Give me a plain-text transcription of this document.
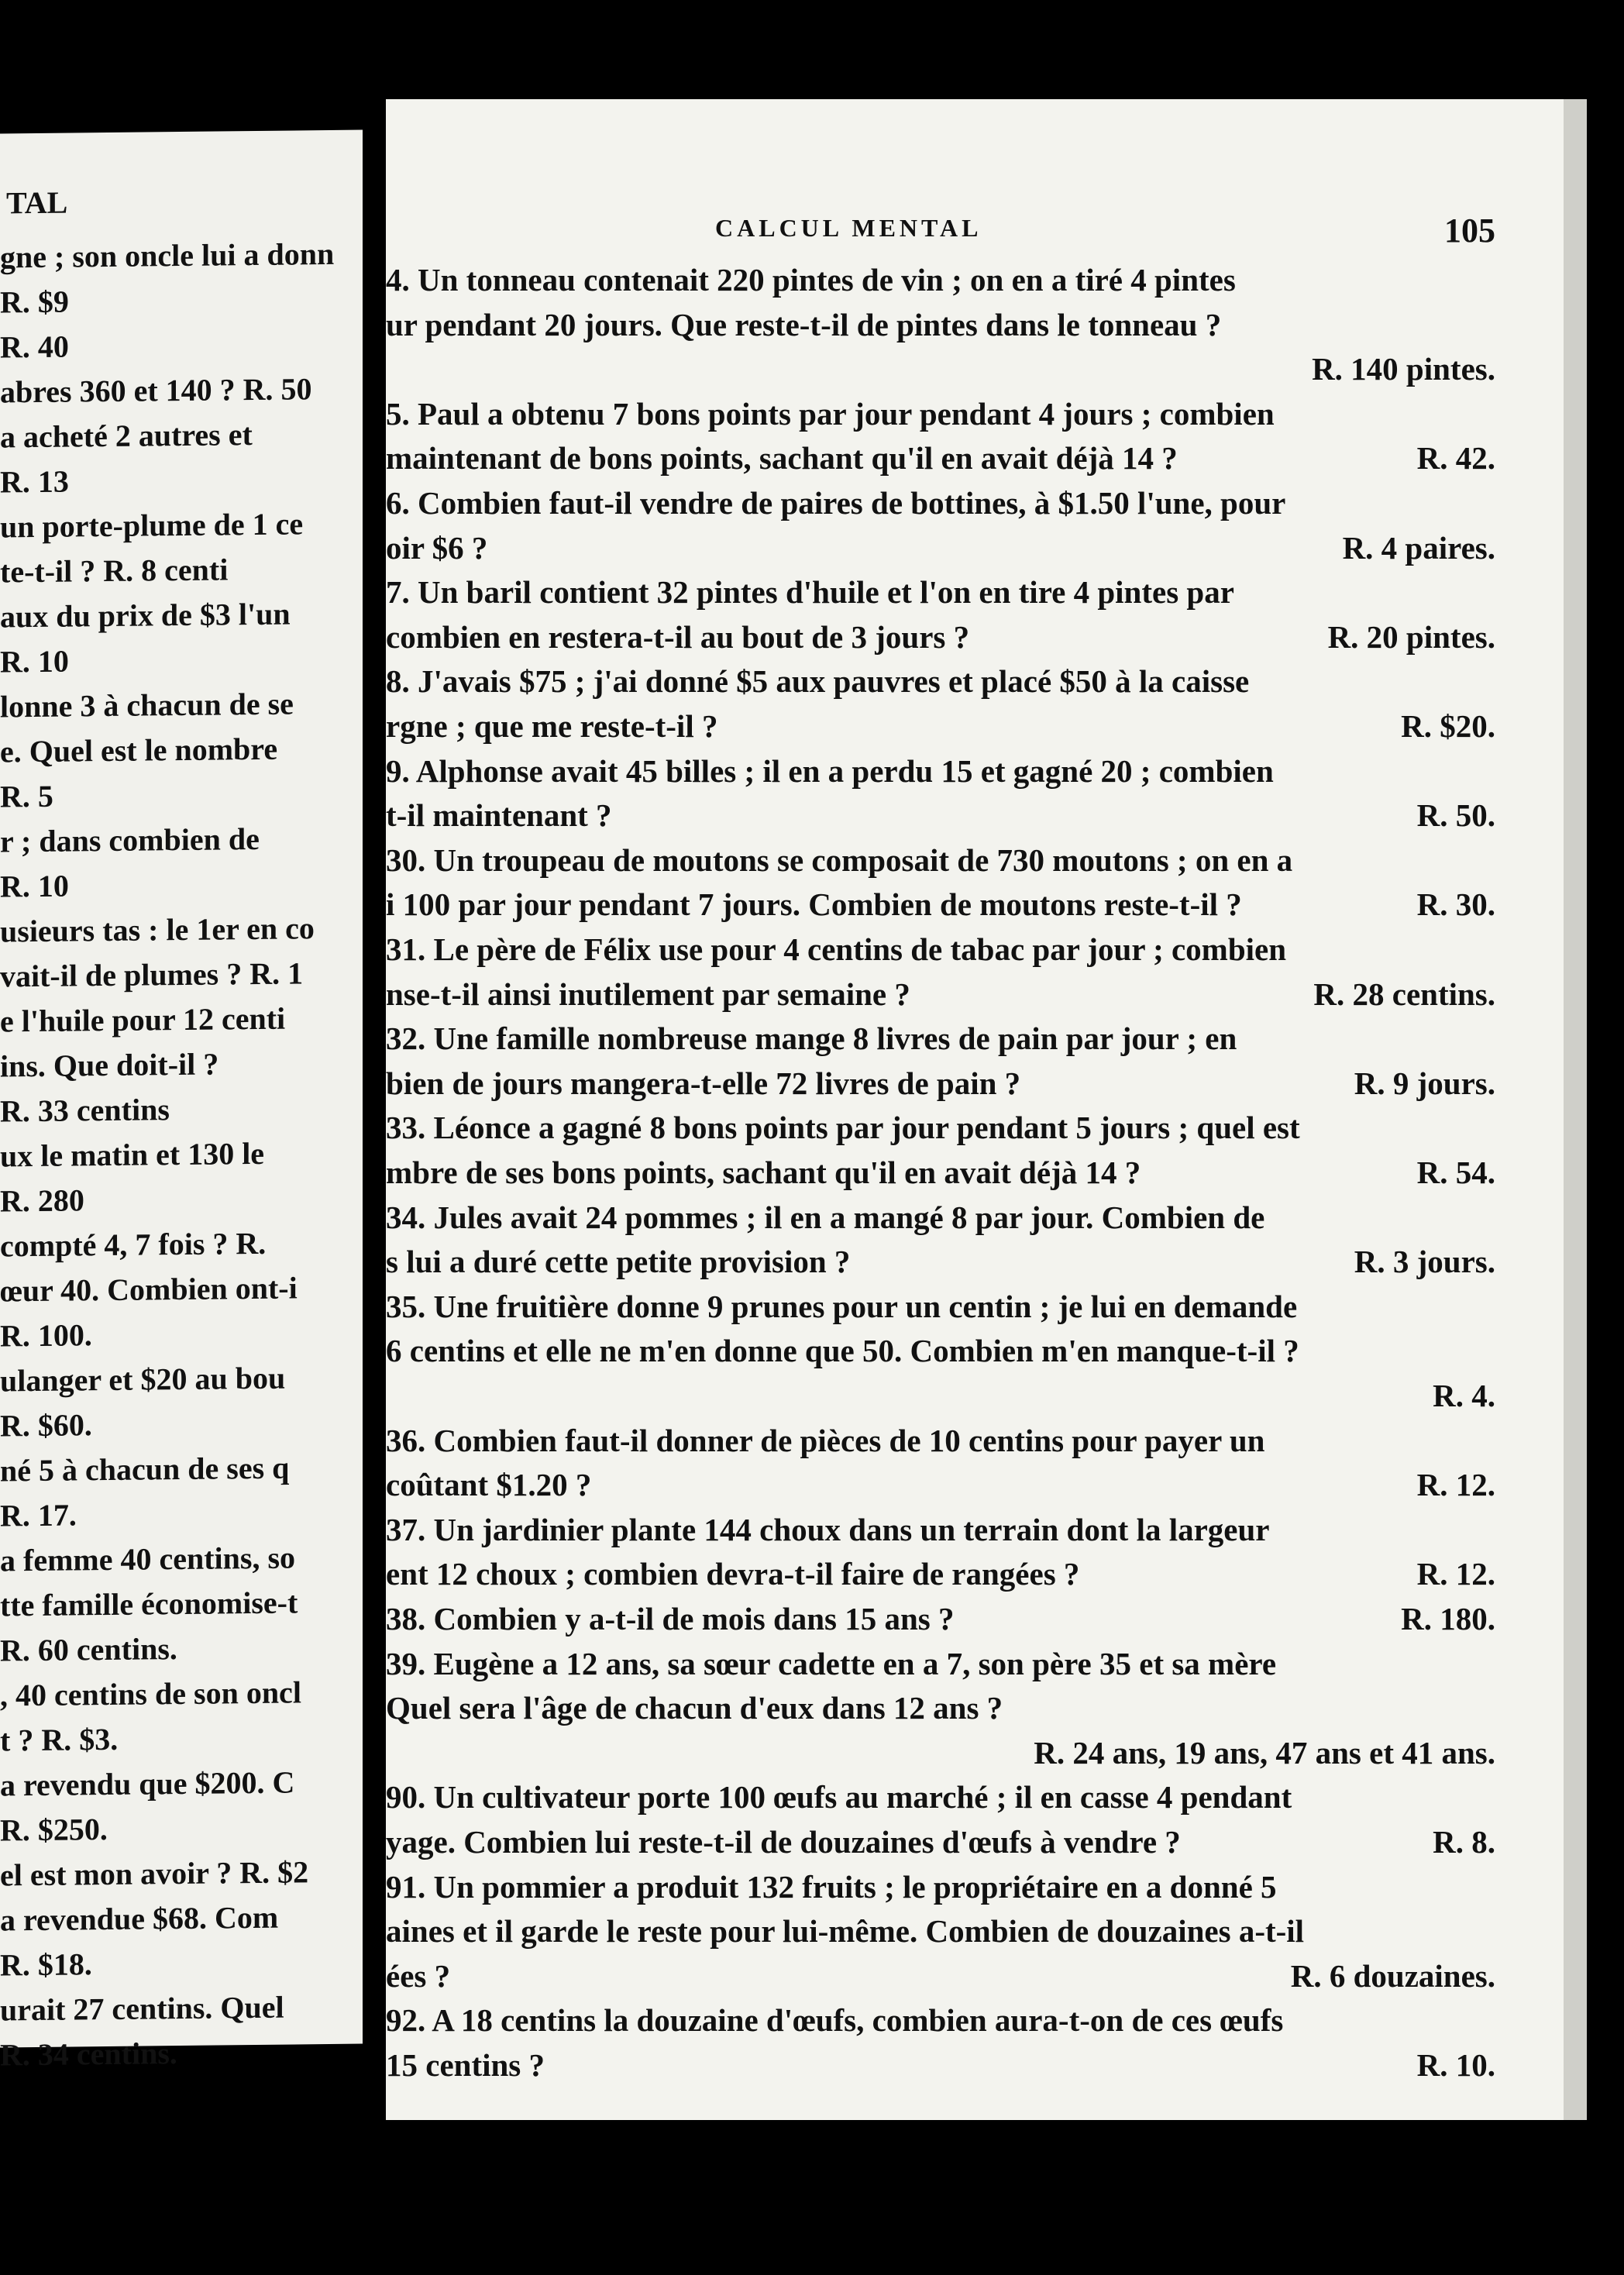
TAL
gne ; son oncle lui a donn
R. $9
R. 40
abres 360 et 140 ? R. 50
a acheté 2 autres et
R. 13
un porte-plume de 1 ce
te-t-il ? R. 8 centi
aux du prix de $3 l'un
R. 10
lonne 3 à chacun de se
e. Quel est le nombre
R. 5
r ; dans combien de
R. 10
usieurs tas : le 1er en co
vait-il de plumes ? R. 1
e l'huile pour 12 centi
ins. Que doit-il ?
R. 33 centins
ux le matin et 130 le
R. 280
compté 4, 7 fois ? R.
œur 40. Combien ont-i
R. 100.
ulanger et $20 au bou
R. $60.
né 5 à chacun de ses q
R. 17.
a femme 40 centins, so
tte famille économise-t
R. 60 centins.
, 40 centins de son oncl
t ? R. $3.
a revendu que $200. C
R. $250.
el est mon avoir ? R. $2
a revendue $68. Com
R. $18.
urait 27 centins. Quel
R. 34 centins.
CALCUL MENTAL	105
4. Un tonneau contenait 220 pintes de vin ; on en a tiré 4 pintes
ur pendant 20 jours. Que reste-t-il de pintes dans le tonneau ?
R. 140 pintes.
5. Paul a obtenu 7 bons points par jour pendant 4 jours ; combien
maintenant de bons points, sachant qu'il en avait déjà 14 ?	R. 42.
6. Combien faut-il vendre de paires de bottines, à $1.50 l'une, pour
oir $6 ?	R. 4 paires.
7. Un baril contient 32 pintes d'huile et l'on en tire 4 pintes par
combien en restera-t-il au bout de 3 jours ?	R. 20 pintes.
8. J'avais $75 ; j'ai donné $5 aux pauvres et placé $50 à la caisse
rgne ; que me reste-t-il ?	R. $20.
9. Alphonse avait 45 billes ; il en a perdu 15 et gagné 20 ; combien
t-il maintenant ?	R. 50.
30. Un troupeau de moutons se composait de 730 moutons ; on en a
i 100 par jour pendant 7 jours. Combien de moutons reste-t-il ?	R. 30.
31. Le père de Félix use pour 4 centins de tabac par jour ; combien
nse-t-il ainsi inutilement par semaine ?	R. 28 centins.
32. Une famille nombreuse mange 8 livres de pain par jour ; en
bien de jours mangera-t-elle 72 livres de pain ?	R. 9 jours.
33. Léonce a gagné 8 bons points par jour pendant 5 jours ; quel est
mbre de ses bons points, sachant qu'il en avait déjà 14 ?	R. 54.
34. Jules avait 24 pommes ; il en a mangé 8 par jour. Combien de
s lui a duré cette petite provision ?	R. 3 jours.
35. Une fruitière donne 9 prunes pour un centin ; je lui en demande
6 centins et elle ne m'en donne que 50. Combien m'en manque-t-il ?
R. 4.
36. Combien faut-il donner de pièces de 10 centins pour payer un
coûtant $1.20 ?	R. 12.
37. Un jardinier plante 144 choux dans un terrain dont la largeur
ent 12 choux ; combien devra-t-il faire de rangées ?	R. 12.
38. Combien y a-t-il de mois dans 15 ans ?	R. 180.
39. Eugène a 12 ans, sa sœur cadette en a 7, son père 35 et sa mère
Quel sera l'âge de chacun d'eux dans 12 ans ?
R. 24 ans, 19 ans, 47 ans et 41 ans.
90. Un cultivateur porte 100 œufs au marché ; il en casse 4 pendant
yage. Combien lui reste-t-il de douzaines d'œufs à vendre ?	R. 8.
91. Un pommier a produit 132 fruits ; le propriétaire en a donné 5
aines et il garde le reste pour lui-même. Combien de douzaines a-t-il
ées ?	R. 6 douzaines.
92. A 18 centins la douzaine d'œufs, combien aura-t-on de ces œufs
15 centins ?	R. 10.
